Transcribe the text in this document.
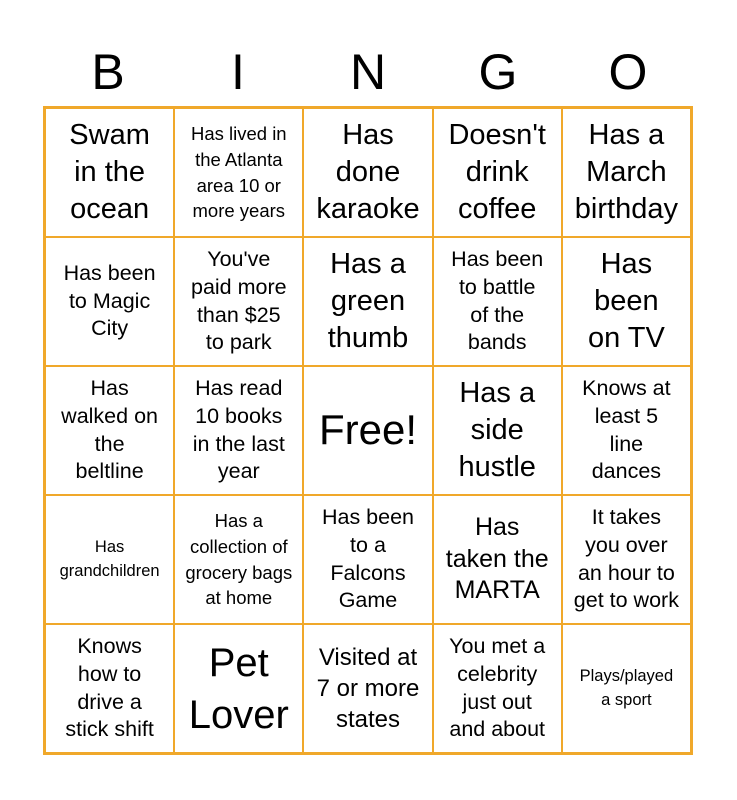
B	I	N	G	O
Swam
in the
ocean
Has lived in
the Atlanta
area 10 or
more years
Has
done
karaoke
Doesn't
drink
coffee
Has a
March
birthday
Has been
to Magic
City
You've
paid more
than $25
to park
Has a
green
thumb
Has been
to battle
of the
bands
Has
been
on TV
Has
walked on
the
beltline
Has read
10 books
in the last
year
Free!
Has a
side
hustle
Knows at
least 5
line
dances
Has
grandchildren
Has a
collection of
grocery bags
at home
Has been
to a
Falcons
Game
Has
taken the
MARTA
It takes
you over
an hour to
get to work
Knows
how to
drive a
stick shift
Pet
Lover
Visited at
7 or more
states
You met a
celebrity
just out
and about
Plays/played
a sport
